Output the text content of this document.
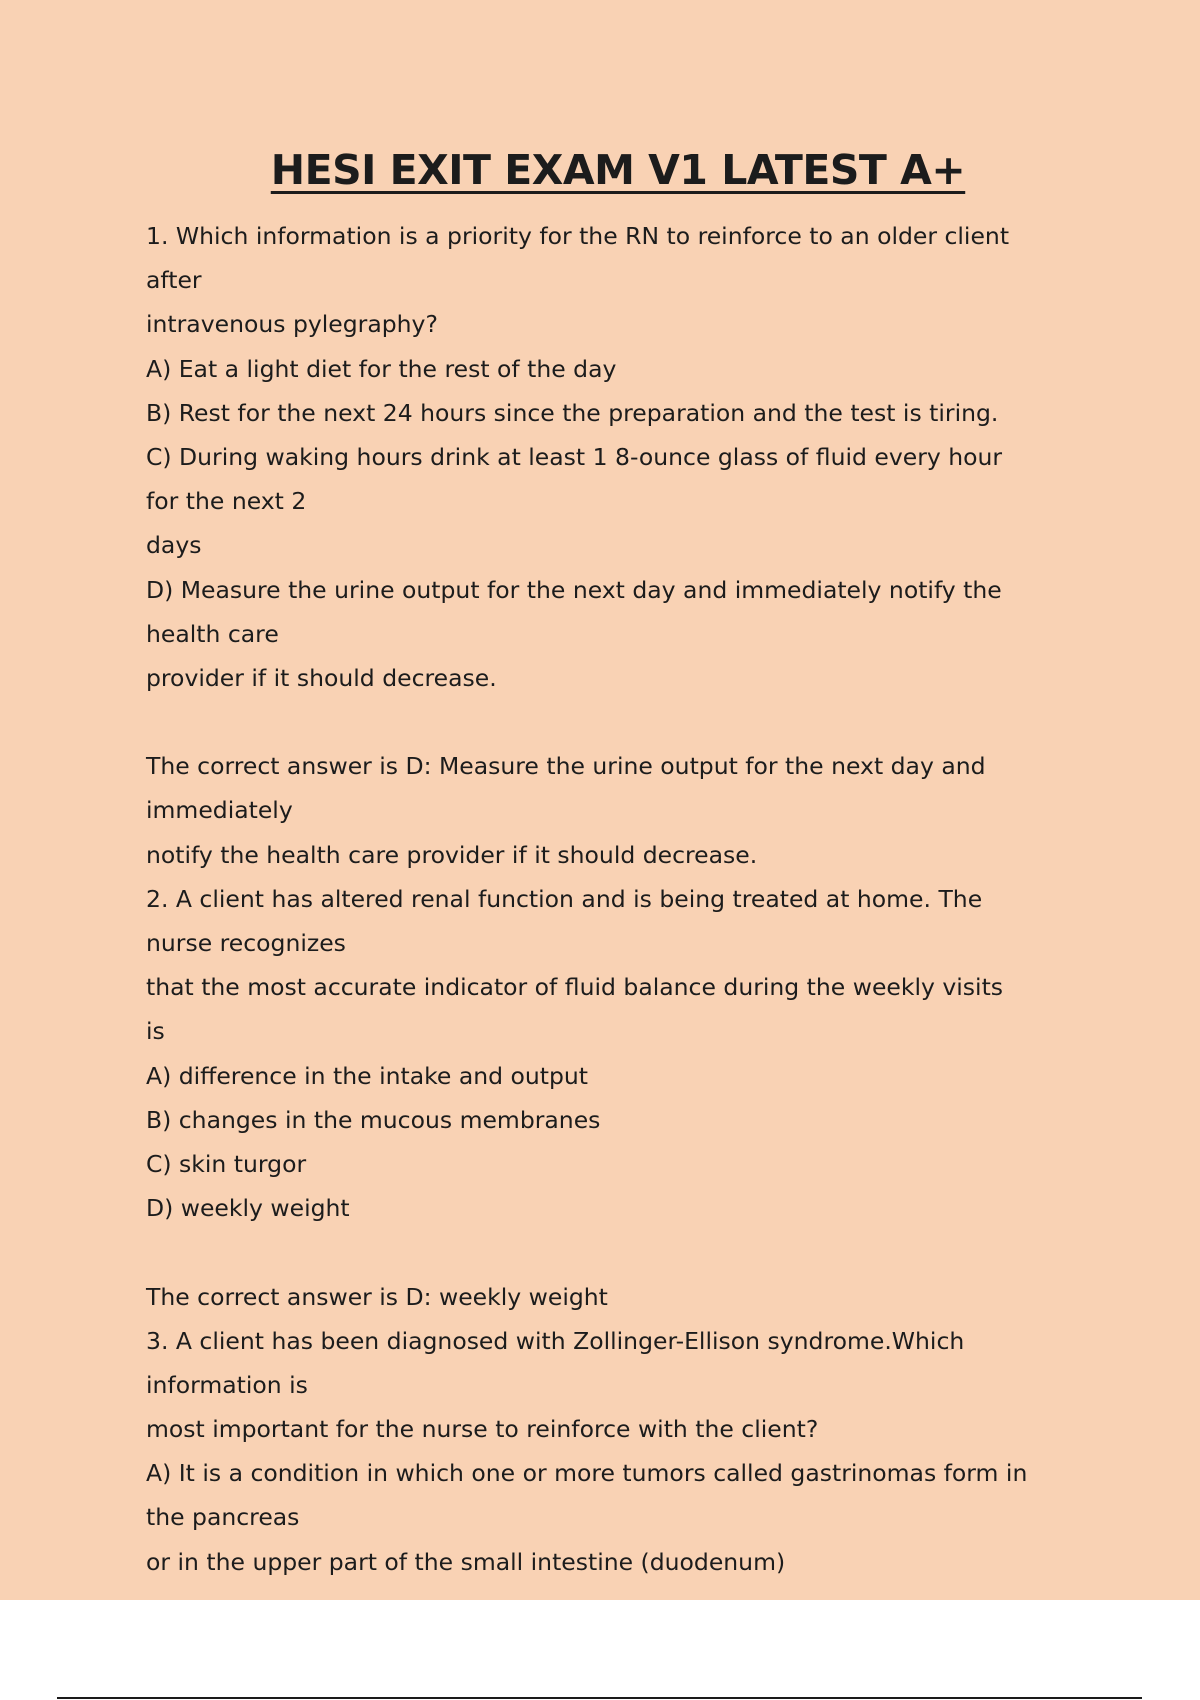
HESI EXIT EXAM V1 LATEST A+
1. Which information is a priority for the RN to reinforce to an older client
after
intravenous pylegraphy?
A) Eat a light diet for the rest of the day
B) Rest for the next 24 hours since the preparation and the test is tiring.
C) During waking hours drink at least 1 8-ounce glass of fluid every hour
for the next 2
days
D) Measure the urine output for the next day and immediately notify the
health care
provider if it should decrease.
The correct answer is D: Measure the urine output for the next day and
immediately
notify the health care provider if it should decrease.
2. A client has altered renal function and is being treated at home. The
nurse recognizes
that the most accurate indicator of fluid balance during the weekly visits
is
A) difference in the intake and output
B) changes in the mucous membranes
C) skin turgor
D) weekly weight
The correct answer is D: weekly weight
3. A client has been diagnosed with Zollinger-Ellison syndrome.Which
information is
most important for the nurse to reinforce with the client?
A) It is a condition in which one or more tumors called gastrinomas form in
the pancreas
or in the upper part of the small intestine (duodenum)
